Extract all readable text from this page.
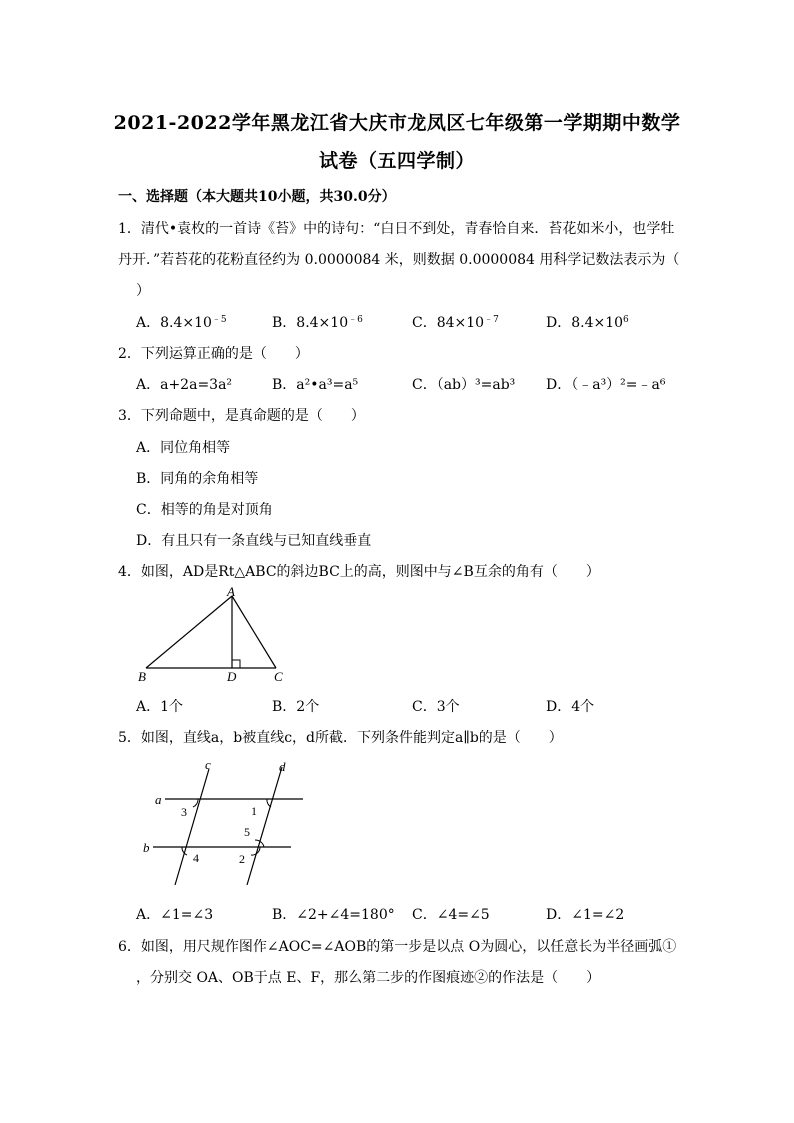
2021-2022学年黑龙江省大庆市龙凤区七年级第一学期期中数学
试卷（五四学制）
一、选择题（本大题共10小题，共30.0分）
1．清代•袁枚的一首诗《苔》中的诗句：“白日不到处，青春恰自来．苔花如米小，也学牡
丹开．”若苔花的花粉直径约为 0.0000084 米，则数据 0.0000084 用科学记数法表示为（
）
A．$8.4\times 10^{﹣5}$	B．$8.4\times 10^{﹣6}$	C．$84\times 10^{﹣7}$	D．$8.4\times 10^6$
2．下列运算正确的是（　　）
A．a+2a=3a²	B．a²•a³=a⁵	C．（ab）³=ab³ D．（﹣a³）²=﹣a⁶
3．下列命题中，是真命题的是（　　）
A．同位角相等
B．同角的余角相等
C．相等的角是对顶角
D．有且只有一条直线与已知直线垂直
4．如图，AD是Rt△ABC的斜边BC上的高，则图中与∠B互余的角有（　　）
A
B	D	C
A．1个	B．2个	C．3个	D．4个
5．如图，直线a，b被直线c，d所截．下列条件能判定a∥b的是（　　）
a
b
c	d
3	1
5
4	2
A．∠1=∠3	B．∠2+∠4=180° C．∠4=∠5	D．∠1=∠2
6．如图，用尺规作图作∠AOC=∠AOB的第一步是以点 O为圆心，以任意长为半径画弧①
，分别交 OA、OB于点 E、F，那么第二步的作图痕迹②的作法是（　　）
